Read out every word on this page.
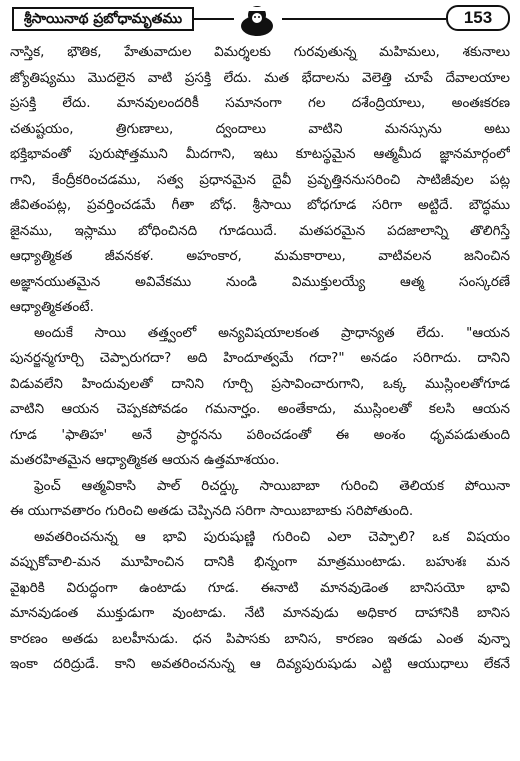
శ్రీసాయినాథ ప్రబోధామృతము	153
నాస్తిక, భౌతిక, హేతువాదుల విమర్శలకు గురవుతున్న మహిమలు, శకునాలు
జ్యోతిష్యము మొదలైన వాటి ప్రసక్తి లేదు. మత భేదాలను వెలెత్తి చూపే దేవాలయాల
ప్రసక్తి లేదు. మానవులందరికీ సమానంగా గల దశేంద్రియాలు, అంతఃకరణ
చతుష్టయం, త్రిగుణాలు, ద్వందాలు వాటిని మనస్సును అటు
భక్తిభావంతో పురుషోత్తముని మీదగాని, ఇటు కూటస్థమైన ఆత్మమీద జ్ఞానమార్గంలో
గాని, కేంద్రీకరించడము, సత్వ ప్రధానమైన దైవీ ప్రవృత్తిననుసరించి సాటిజీవుల పట్ల
జీవితంపట్ల, ప్రవర్తించడమే గీతా బోధ. శ్రీసాయి బోధగూడ సరిగా అట్టిదే. బౌద్ధము
జైనము, ఇస్లాము బోధించినది గూడయిదే. మతపరమైన పదజాలాన్ని తొలిగిస్తే
ఆధ్యాత్మికత జీవనకళ. అహంకార, మమకారాలు, వాటివలన జనించిన
అజ్ఞానయుతమైన అవివేకము నుండి విముక్తులయ్యే ఆత్మ సంస్కరణే
ఆధ్యాత్మికతంటే.
అందుకే సాయి తత్త్వంలో అన్యవిషయాలకంత ప్రాధాన్యత లేదు. "ఆయన
పునర్జన్మగూర్చి చెప్పారుగదా? అది హిందూత్వమే గదా?" అనడం సరిగాదు. దానిని
విడువలేని హిందువులతో దానిని గూర్చి ప్రసావించారుగాని, ఒక్క ముస్లింలతోగూడ
వాటిని ఆయన చెప్పకపోవడం గమనార్హం. అంతేకాదు, ముస్లింలతో కలసి ఆయన
గూడ 'ఫాతిహ' అనే ప్రార్థనను పఠించడంతో ఈ అంశం ధృవపడుతుంది
మతరహితమైన ఆధ్యాత్మికత ఆయన ఉత్తమాశయం.
ఫ్రెంచ్ ఆత్మవికాసి పాల్ రిచర్డ్కు సాయిబాబా గురించి తెలియక పోయినా
ఈ యుగావతారం గురించి అతడు చెప్పినది సరిగా సాయిబాబాకు సరిపోతుంది.
అవతరించనున్న ఆ భావి పురుషుణ్ణి గురించి ఎలా చెప్పాలి? ఒక విషయం
వప్పుకోవాలి-మన మూహించిన దానికి భిన్నంగా మాత్రముంటాడు. బహుశః మన
వైఖరికి విరుద్ధంగా ఉంటాడు గూడ. ఈనాటి మానవుడెంత బానిసయో భావి
మానవుడంత ముక్తుడుగా వుంటాడు. నేటి మానవుడు అధికార దాహానికి బానిస
కారణం అతడు బలహీనుడు. ధన పిపాసకు బానిస, కారణం ఇతడు ఎంత వున్నా
ఇంకా దరిద్రుడే. కాని అవతరించనున్న ఆ దివ్యపురుషుడు ఎట్టి ఆయుధాలు లేకనే
